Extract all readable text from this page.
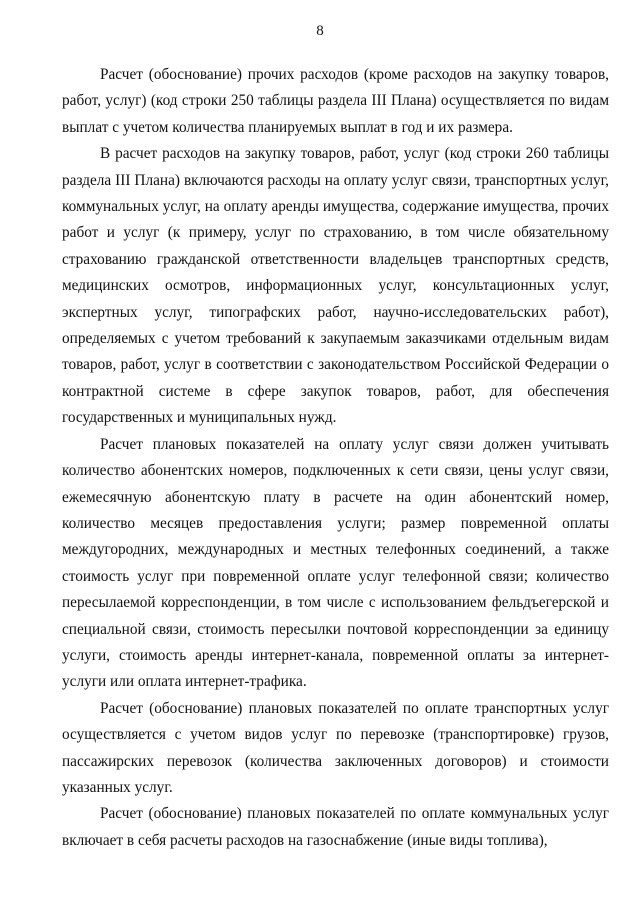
8

Расчет (обоснование) прочих расходов (кроме расходов на закупку товаров, работ, услуг) (код строки 250 таблицы раздела III Плана) осуществляется по видам выплат с учетом количества планируемых выплат в год и их размера.

В расчет расходов на закупку товаров, работ, услуг (код строки 260 таблицы раздела III Плана) включаются расходы на оплату услуг связи, транспортных услуг, коммунальных услуг, на оплату аренды имущества, содержание имущества, прочих работ и услуг (к примеру, услуг по страхованию, в том числе обязательному страхованию гражданской ответственности владельцев транспортных средств, медицинских осмотров, информационных услуг, консультационных услуг, экспертных услуг, типографских работ, научно-исследовательских работ), определяемых с учетом требований к закупаемым заказчиками отдельным видам товаров, работ, услуг в соответствии с законодательством Российской Федерации о контрактной системе в сфере закупок товаров, работ, для обеспечения государственных и муниципальных нужд.

Расчет плановых показателей на оплату услуг связи должен учитывать количество абонентских номеров, подключенных к сети связи, цены услуг связи, ежемесячную абонентскую плату в расчете на один абонентский номер, количество месяцев предоставления услуги; размер повременной оплаты междугородних, международных и местных телефонных соединений, а также стоимость услуг при повременной оплате услуг телефонной связи; количество пересылаемой корреспонденции, в том числе с использованием фельдъегерской и специальной связи, стоимость пересылки почтовой корреспонденции за единицу услуги, стоимость аренды интернет-канала, повременной оплаты за интернет-услуги или оплата интернет-трафика.

Расчет (обоснование) плановых показателей по оплате транспортных услуг осуществляется с учетом видов услуг по перевозке (транспортировке) грузов, пассажирских перевозок (количества заключенных договоров) и стоимости указанных услуг.

Расчет (обоснование) плановых показателей по оплате коммунальных услуг включает в себя расчеты расходов на газоснабжение (иные виды топлива),
